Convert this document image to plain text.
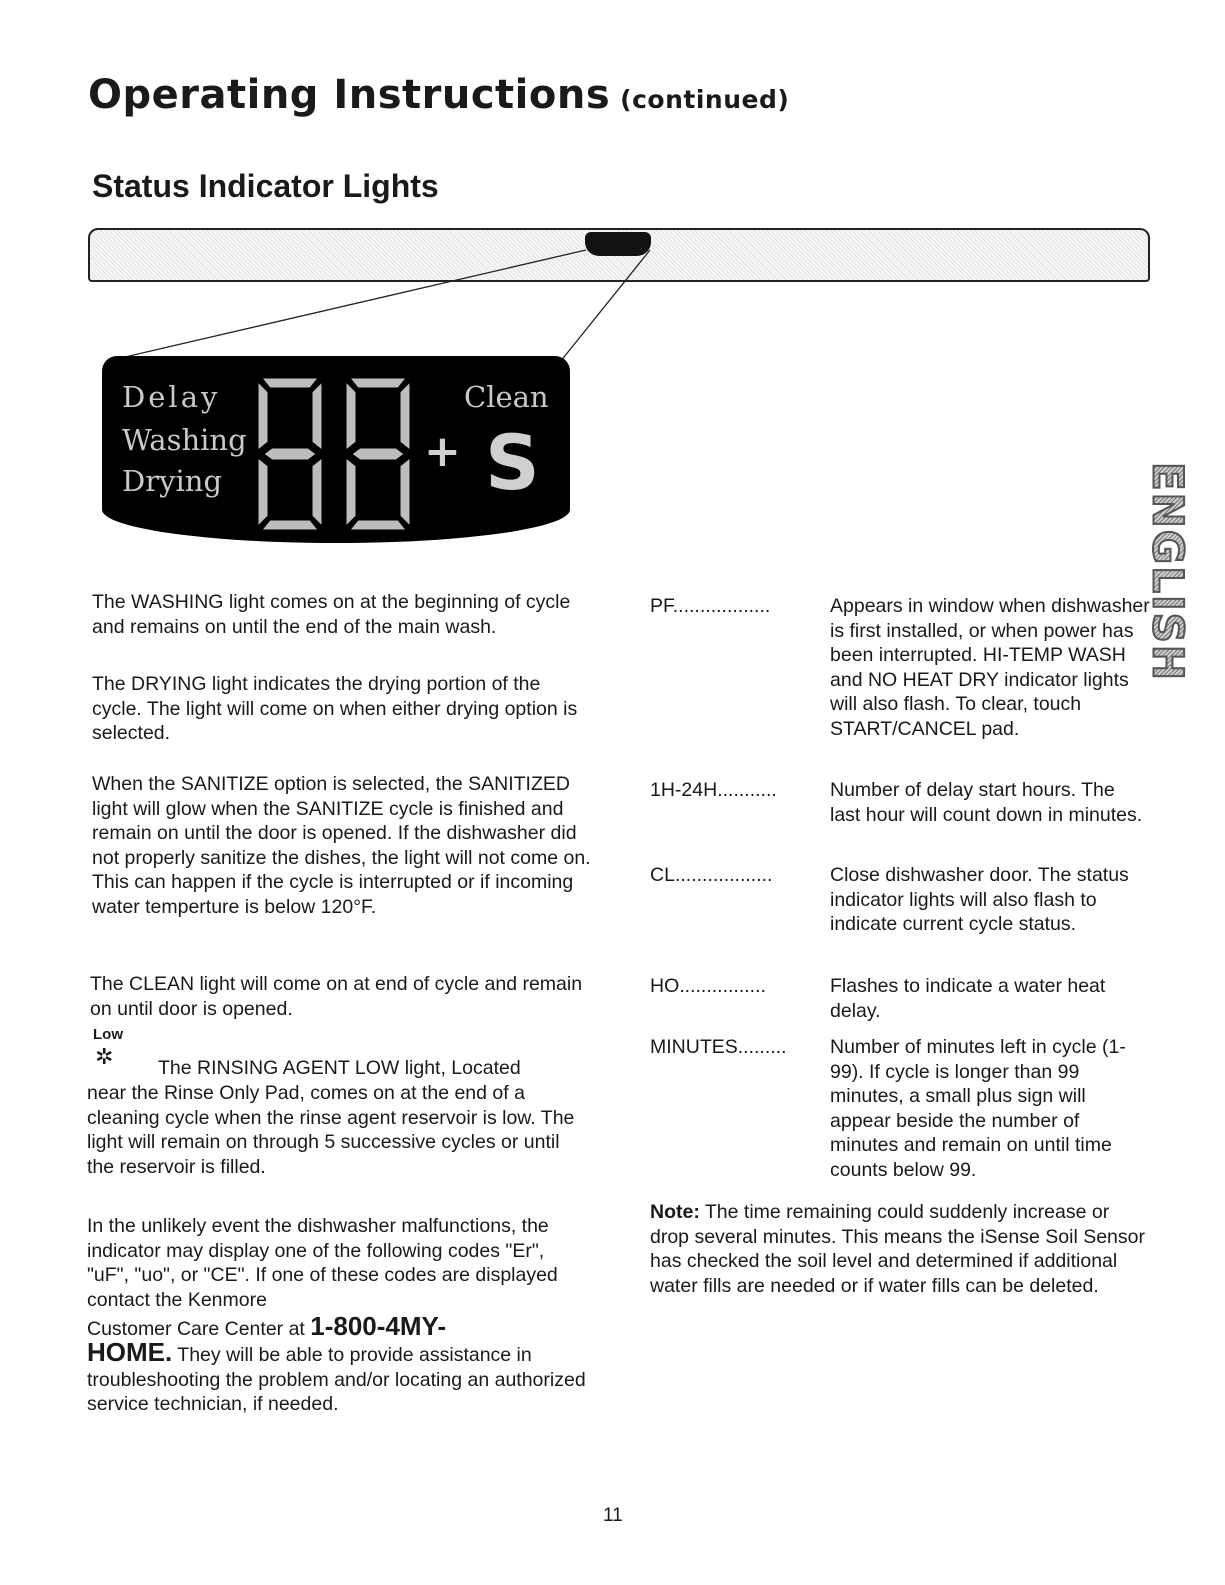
Operating Instructions (continued)
Status Indicator Lights
Delay
Washing
Drying
Clean
+ S	ENGLISH

The WASHING light comes on at the beginning of cycle and remains on until the end of the main wash.

The DRYING light indicates the drying portion of the cycle. The light will come on when either drying option is selected.

When the SANITIZE option is selected, the SANITIZED light will glow when the SANITIZE cycle is finished and remain on until the door is opened. If the dishwasher did not properly sanitize the dishes, the light will not come on. This can happen if the cycle is interrupted or if incoming water temperture is below 120°F.

The CLEAN light will come on at end of cycle and remain on until door is opened.

Low
✲ The RINSING AGENT LOW light, Located

near the Rinse Only Pad, comes on at the end of a cleaning cycle when the rinse agent reservoir is low. The light will remain on through 5 successive cycles or until the reservoir is filled.

In the unlikely event the dishwasher malfunctions, the indicator may display one of the following codes "Er", "uF", "uo", or "CE". If one of these codes are displayed contact the Kenmore

Customer Care Center at 1-800-4MY-

HOME. They will be able to provide assistance in troubleshooting the problem and/or locating an authorized service technician, if needed.

PF..................	Appears in window when dishwasher is first installed, or when power has been interrupted. HI-TEMP WASH and NO HEAT DRY indicator lights will also flash. To clear, touch START/CANCEL pad.

1H-24H...........	Number of delay start hours. The last hour will count down in minutes.

CL..................	Close dishwasher door. The status indicator lights will also flash to indicate current cycle status.

HO................	Flashes to indicate a water heat delay.

MINUTES......... Number of minutes left in cycle (1-99). If cycle is longer than 99 minutes, a small plus sign will appear beside the number of minutes and remain on until time counts below 99.

Note: The time remaining could suddenly increase or drop several minutes. This means the iSense Soil Sensor has checked the soil level and determined if additional water fills are needed or if water fills can be deleted.

11
